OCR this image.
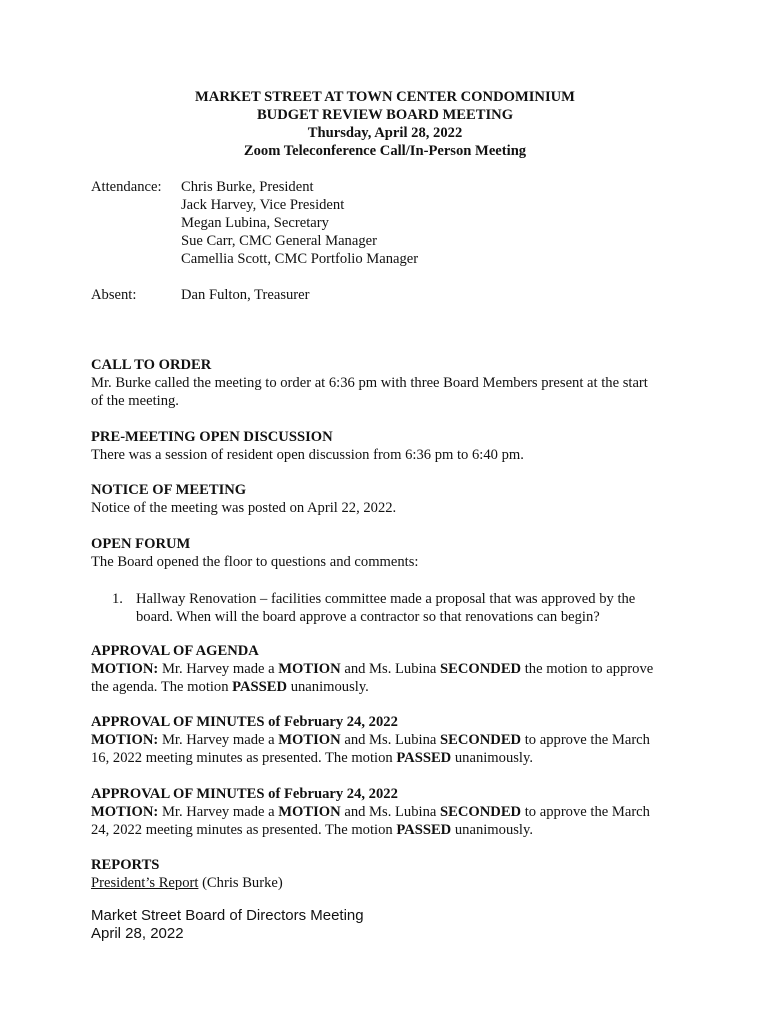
MARKET STREET AT TOWN CENTER CONDOMINIUM
BUDGET REVIEW BOARD MEETING
Thursday, April 28, 2022
Zoom Teleconference Call/In-Person Meeting
Attendance: Chris Burke, President
Jack Harvey, Vice President
Megan Lubina, Secretary
Sue Carr, CMC General Manager
Camellia Scott, CMC Portfolio Manager
Absent:	Dan Fulton, Treasurer
CALL TO ORDER
Mr. Burke called the meeting to order at 6:36 pm with three Board Members present at the start
of the meeting.
PRE-MEETING OPEN DISCUSSION
There was a session of resident open discussion from 6:36 pm to 6:40 pm.
NOTICE OF MEETING
Notice of the meeting was posted on April 22, 2022.
OPEN FORUM
The Board opened the floor to questions and comments:
1. Hallway Renovation – facilities committee made a proposal that was approved by the
board. When will the board approve a contractor so that renovations can begin?
APPROVAL OF AGENDA
MOTION: Mr. Harvey made a MOTION and Ms. Lubina SECONDED the motion to approve
the agenda. The motion PASSED unanimously.
APPROVAL OF MINUTES of February 24, 2022
MOTION: Mr. Harvey made a MOTION and Ms. Lubina SECONDED to approve the March
16, 2022 meeting minutes as presented. The motion PASSED unanimously.
APPROVAL OF MINUTES of February 24, 2022
MOTION: Mr. Harvey made a MOTION and Ms. Lubina SECONDED to approve the March
24, 2022 meeting minutes as presented. The motion PASSED unanimously.
REPORTS
President’s Report (Chris Burke)
Market Street Board of Directors Meeting
April 28, 2022
